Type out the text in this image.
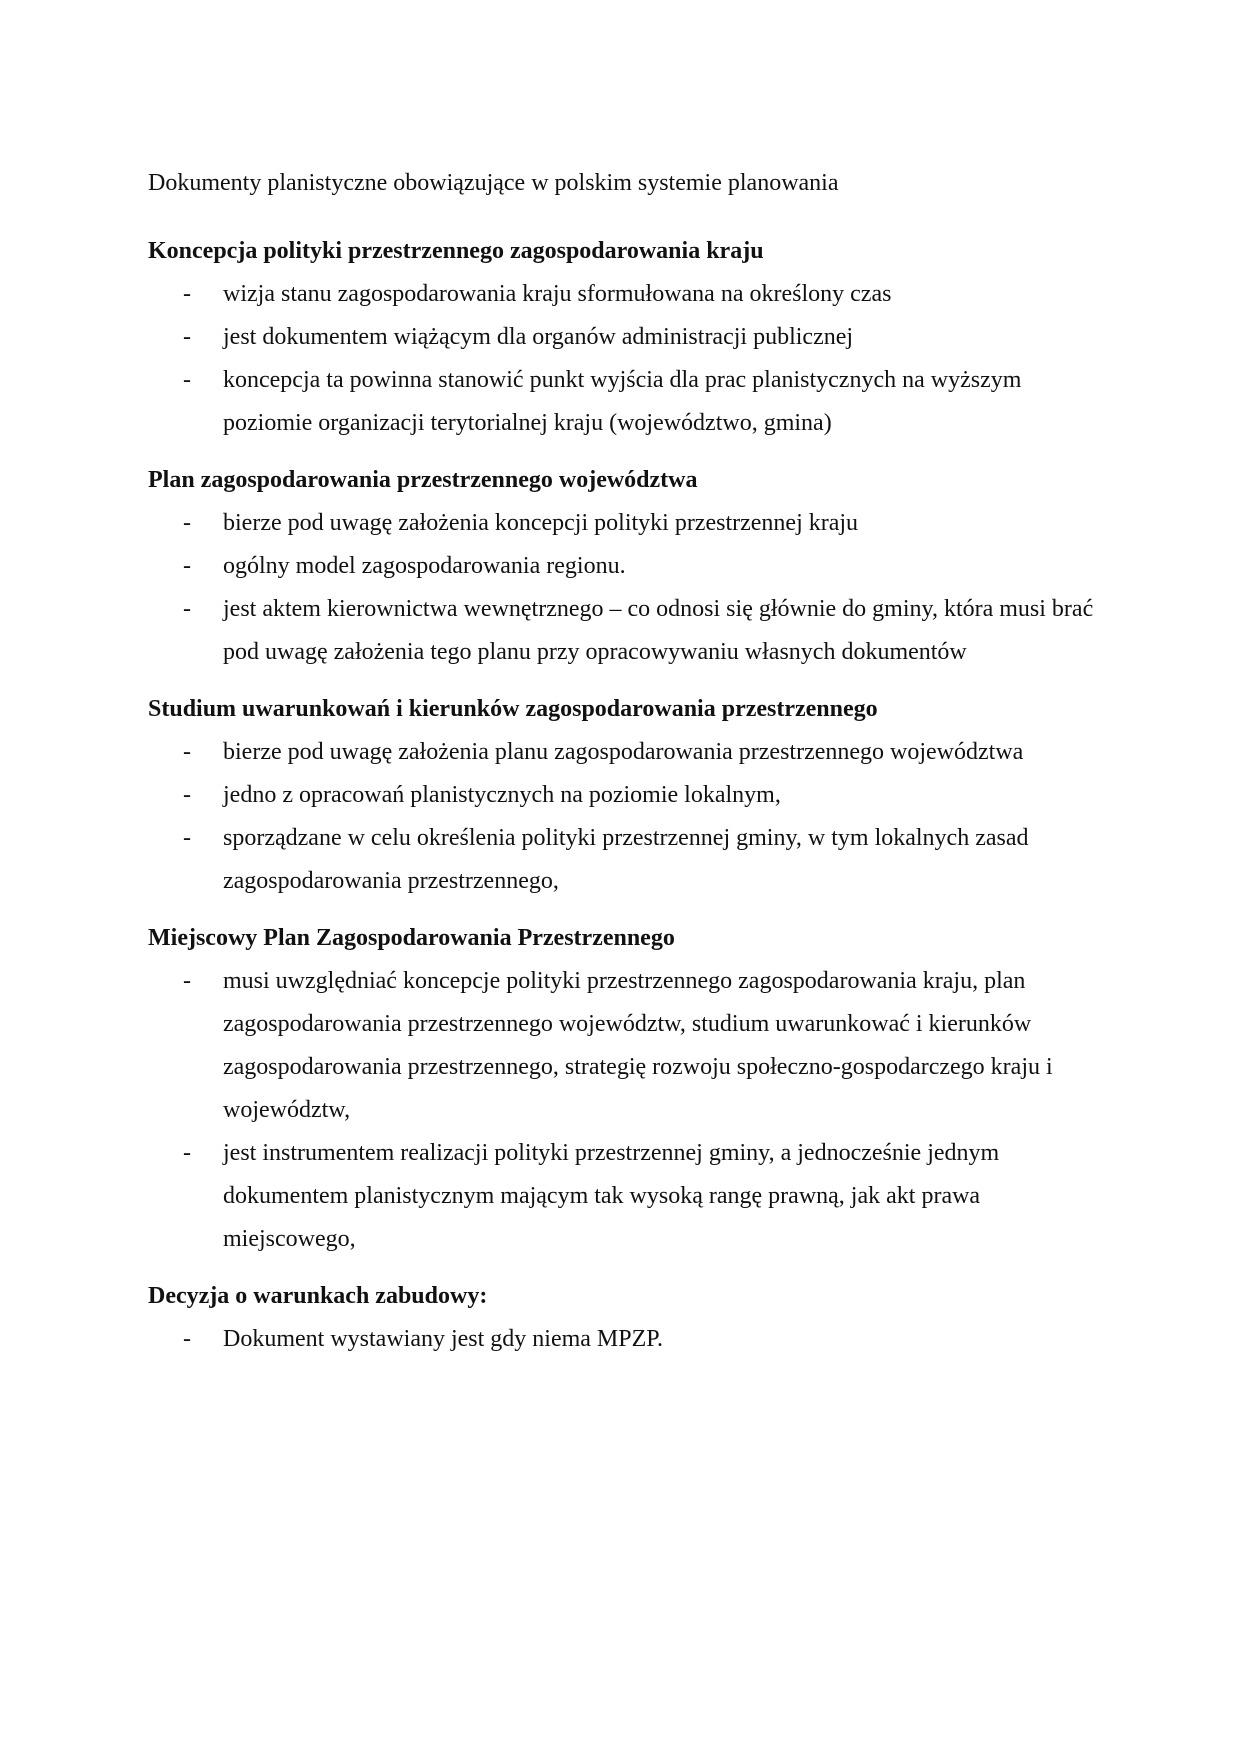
Dokumenty planistyczne obowiązujące w polskim systemie planowania
Koncepcja polityki przestrzennego zagospodarowania kraju
- wizja stanu zagospodarowania kraju sformułowana na określony czas
- jest dokumentem wiążącym dla organów administracji publicznej
- koncepcja ta powinna stanowić punkt wyjścia dla prac planistycznych na wyższym poziomie organizacji terytorialnej kraju (województwo, gmina)
Plan zagospodarowania przestrzennego województwa
- bierze pod uwagę założenia koncepcji polityki przestrzennej kraju
- ogólny model zagospodarowania regionu.
- jest aktem kierownictwa wewnętrznego – co odnosi się głównie do gminy, która musi brać pod uwagę założenia tego planu przy opracowywaniu własnych dokumentów
Studium uwarunkowań i kierunków zagospodarowania przestrzennego
- bierze pod uwagę założenia planu zagospodarowania przestrzennego województwa
- jedno z opracowań planistycznych na poziomie lokalnym,
- sporządzane w celu określenia polityki przestrzennej gminy, w tym lokalnych zasad zagospodarowania przestrzennego,
Miejscowy Plan Zagospodarowania Przestrzennego
- musi uwzględniać koncepcje polityki przestrzennego zagospodarowania kraju, plan zagospodarowania przestrzennego województw, studium uwarunkować i kierunków zagospodarowania przestrzennego, strategię rozwoju społeczno-gospodarczego kraju i województw,
- jest instrumentem realizacji polityki przestrzennej gminy, a jednocześnie jednym dokumentem planistycznym mającym tak wysoką rangę prawną, jak akt prawa miejscowego,
Decyzja o warunkach zabudowy:
- Dokument wystawiany jest gdy niema MPZP.
